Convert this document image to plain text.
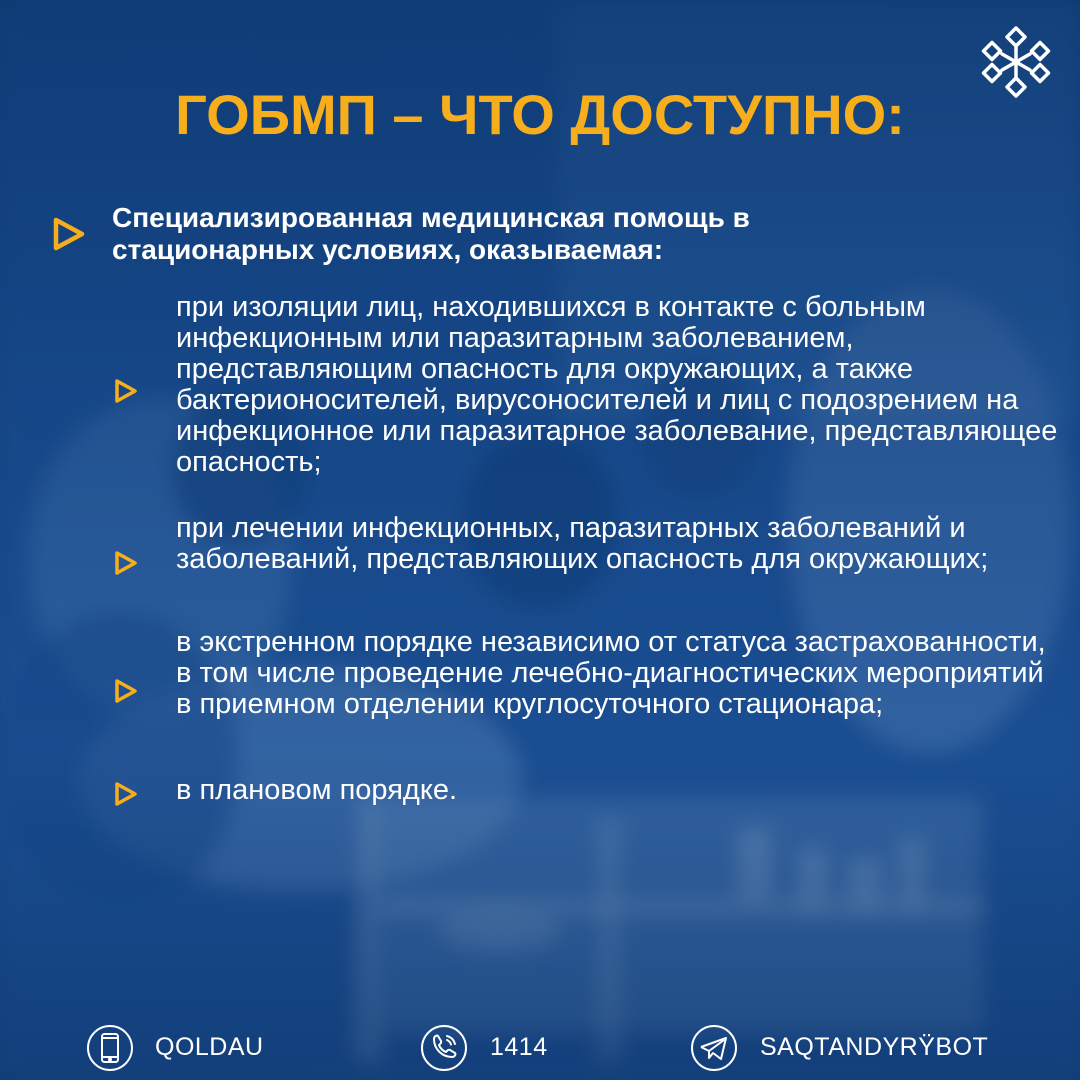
ГОБМП – ЧТО ДОСТУПНО:
Специализированная медицинская помощь в стационарных условиях, оказываемая:
при изоляции лиц, находившихся в контакте с больным инфекционным или паразитарным заболеванием, представляющим опасность для окружающих, а также бактерионосителей, вирусоносителей и лиц с подозрением на инфекционное или паразитарное заболевание, представляющее опасность;
при лечении инфекционных, паразитарных заболеваний и заболеваний, представляющих опасность для окружающих;
в экстренном порядке независимо от статуса застрахованности, в том числе проведение лечебно-диагностических мероприятий в приемном отделении круглосуточного стационара;
в плановом порядке.
QOLDAU	1414	SAQTANDYRŸBOT
